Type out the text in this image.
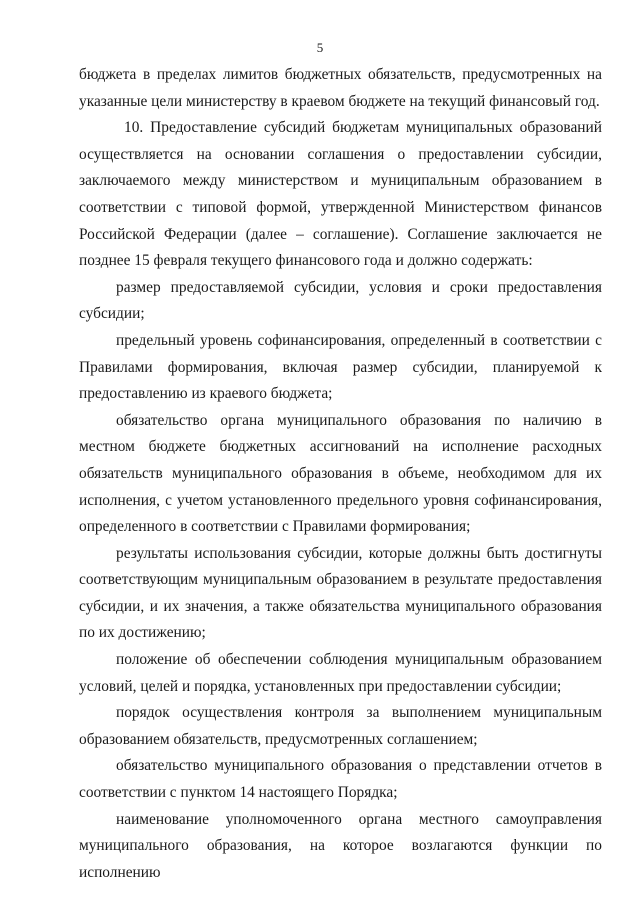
5

бюджета в пределах лимитов бюджетных обязательств, предусмотренных на указанные цели министерству в краевом бюджете на текущий финансовый год.

10. Предоставление субсидий бюджетам муниципальных образований осуществляется на основании соглашения о предоставлении субсидии, заключаемого между министерством и муниципальным образованием в соответствии с типовой формой, утвержденной Министерством финансов Российской Федерации (далее – соглашение). Соглашение заключается не позднее 15 февраля текущего финансового года и должно содержать:

размер предоставляемой субсидии, условия и сроки предоставления субсидии;

предельный уровень софинансирования, определенный в соответствии с Правилами формирования, включая размер субсидии, планируемой к предоставлению из краевого бюджета;

обязательство органа муниципального образования по наличию в местном бюджете бюджетных ассигнований на исполнение расходных обязательств муниципального образования в объеме, необходимом для их исполнения, с учетом установленного предельного уровня софинансирования, определенного в соответствии с Правилами формирования;

результаты использования субсидии, которые должны быть достигнуты соответствующим муниципальным образованием в результате предоставления субсидии, и их значения, а также обязательства муниципального образования по их достижению;

положение об обеспечении соблюдения муниципальным образованием условий, целей и порядка, установленных при предоставлении субсидии;

порядок осуществления контроля за выполнением муниципальным образованием обязательств, предусмотренных соглашением;

обязательство муниципального образования о представлении отчетов в соответствии с пунктом 14 настоящего Порядка;

наименование уполномоченного органа местного самоуправления муниципального образования, на которое возлагаются функции по исполнению
